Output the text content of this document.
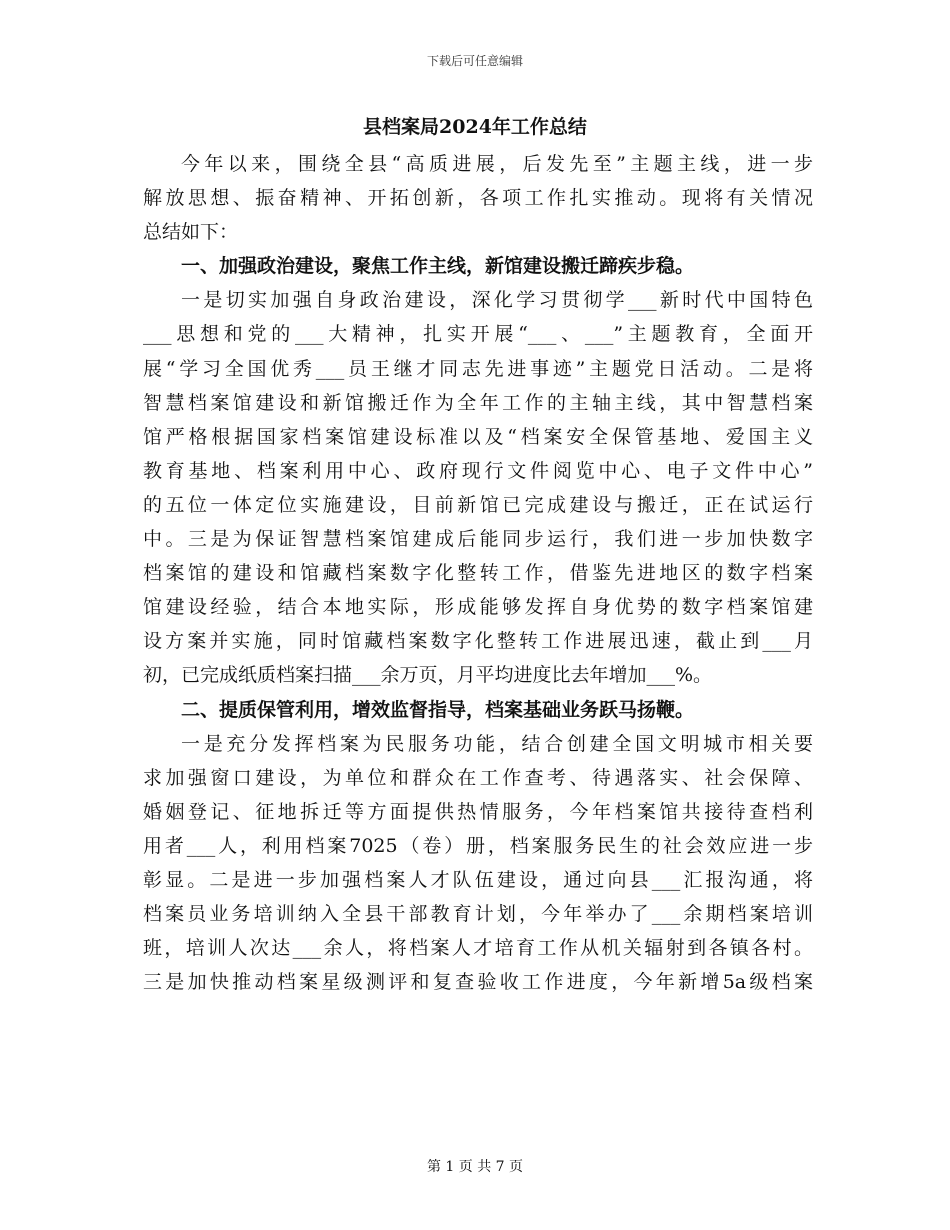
下载后可任意编辑
县档案局2024年工作总结
今年以来，围绕全县“高质进展，后发先至”主题主线，进一步
解放思想、振奋精神、开拓创新，各项工作扎实推动。现将有关情况
总结如下：
一、加强政治建设，聚焦工作主线，新馆建设搬迁蹄疾步稳。
一是切实加强自身政治建设，深化学习贯彻学___新时代中国特色
___思想和党的___大精神，扎实开展“___、___”主题教育，全面开
展“学习全国优秀___员王继才同志先进事迹”主题党日活动。二是将
智慧档案馆建设和新馆搬迁作为全年工作的主轴主线，其中智慧档案
馆严格根据国家档案馆建设标准以及“档案安全保管基地、爱国主义
教育基地、档案利用中心、政府现行文件阅览中心、电子文件中心”
的五位一体定位实施建设，目前新馆已完成建设与搬迁，正在试运行
中。三是为保证智慧档案馆建成后能同步运行，我们进一步加快数字
档案馆的建设和馆藏档案数字化整转工作，借鉴先进地区的数字档案
馆建设经验，结合本地实际，形成能够发挥自身优势的数字档案馆建
设方案并实施，同时馆藏档案数字化整转工作进展迅速，截止到___月
初，已完成纸质档案扫描___余万页，月平均进度比去年增加___%。
二、提质保管利用，增效监督指导，档案基础业务跃马扬鞭。
一是充分发挥档案为民服务功能，结合创建全国文明城市相关要
求加强窗口建设，为单位和群众在工作查考、待遇落实、社会保障、
婚姻登记、征地拆迁等方面提供热情服务，今年档案馆共接待查档利
用者___人，利用档案7025（卷）册，档案服务民生的社会效应进一步
彰显。二是进一步加强档案人才队伍建设，通过向县___汇报沟通，将
档案员业务培训纳入全县干部教育计划，今年举办了___余期档案培训
班，培训人次达___余人，将档案人才培育工作从机关辐射到各镇各村。
三是加快推动档案星级测评和复查验收工作进度，今年新增5a级档案
第 1 页 共 7 页
